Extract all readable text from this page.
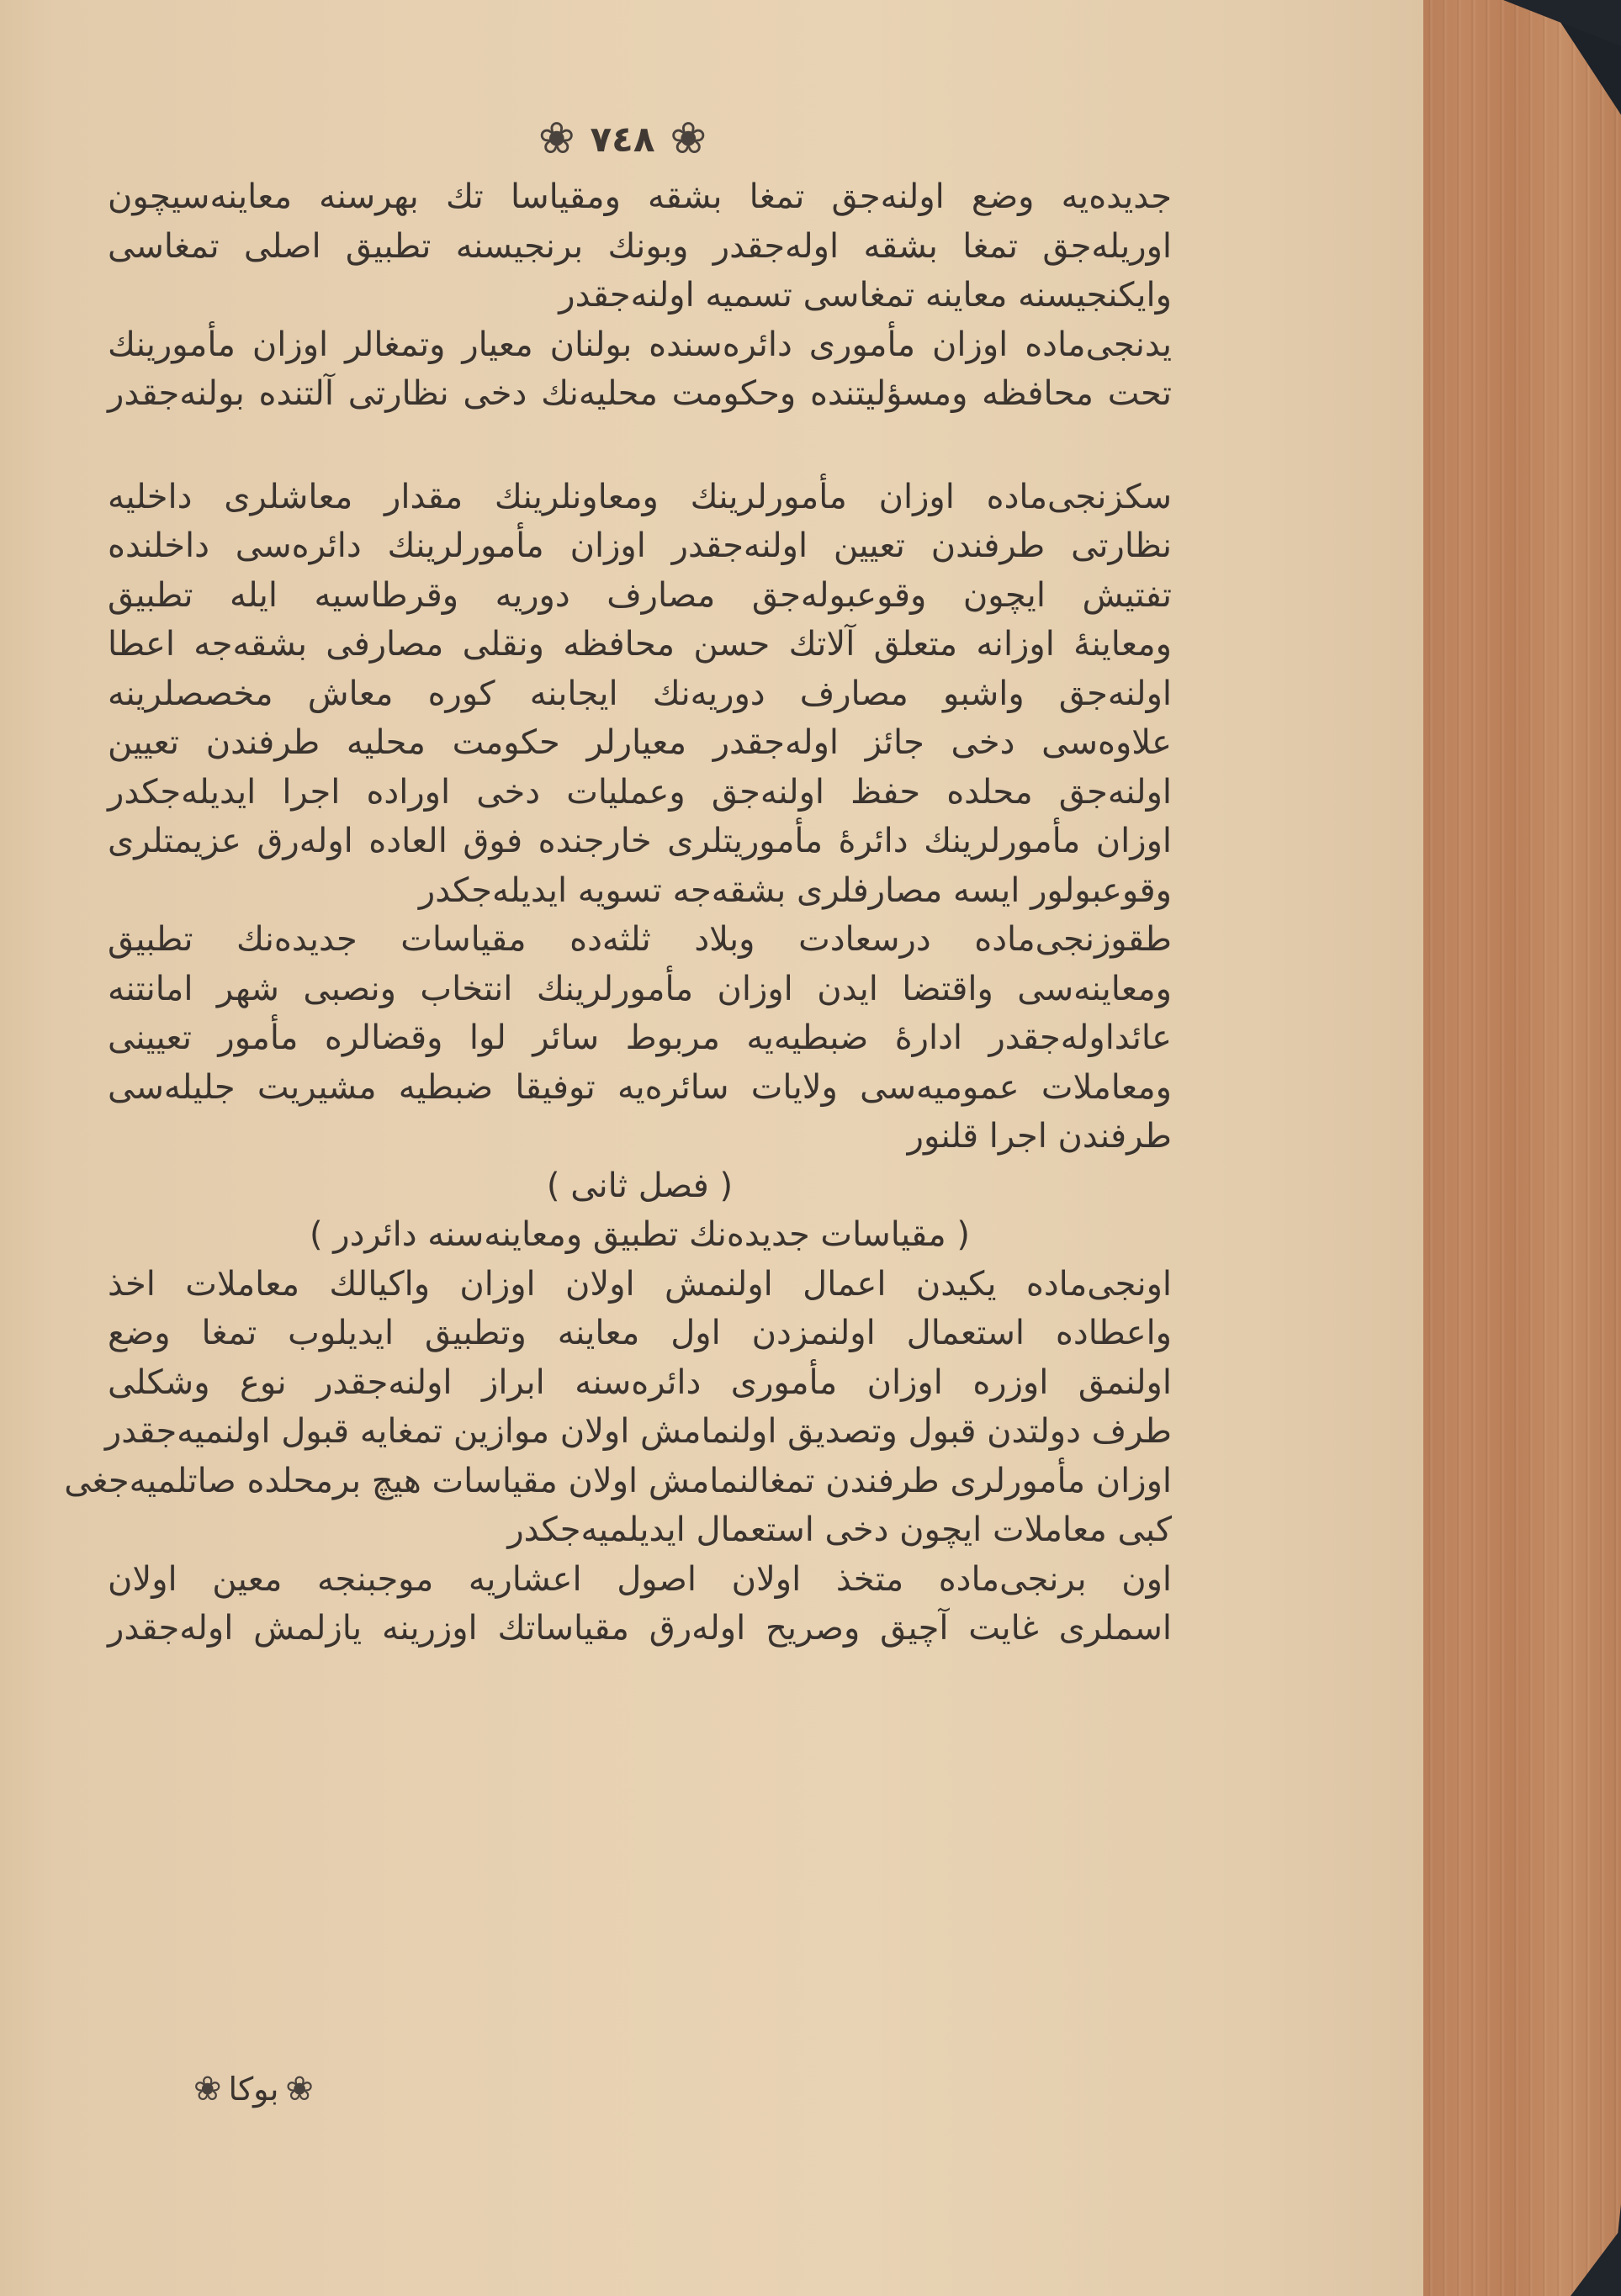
❀ ٧٤٨ ❀
جديده‌يه وضع اولنه‌جق تمغا بشقه ومقياسا تك بهرسنه معاينه‌سيچون
اوريله‌جق تمغا بشقه اوله‌جقدر وبونك برنجيسنه تطبيق اصلى تمغاسى
وايكنجيسنه معاينه تمغاسى تسميه اولنه‌جقدر
يدنجى‌ماده اوزان مأمورى دائره‌سنده بولنان معيار وتمغالر اوزان مأمورينك
تحت محافظه ومسؤليتنده وحكومت محليه‌نك دخى نظارتى آلتنده بولنه‌جقدر
سكزنجى‌ماده اوزان مأمورلرينك ومعاونلرينك مقدار معاشلرى داخليه
نظارتى طرفندن تعيين اولنه‌جقدر اوزان مأمورلرينك دائره‌سى داخلنده
تفتيش ايچون وقوعبوله‌جق مصارف دوريه وقرطاسيه ايله تطبيق
ومعاينهٔ اوزانه متعلق آلاتك حسن محافظه ونقلى مصارفى بشقه‌جه اعطا
اولنه‌جق واشبو مصارف دوريه‌نك ايجابنه كوره معاش مخصصلرينه
علاوه‌سى دخى جائز اوله‌جقدر معيارلر حكومت محليه طرفندن تعيين
اولنه‌جق محلده حفظ اولنه‌جق وعمليات دخى اوراده اجرا ايديله‌جكدر
اوزان مأمورلرينك دائرهٔ مأموريتلرى خارجنده فوق العاده اوله‌رق عزيمتلرى
وقوعبولور ايسه مصارفلرى بشقه‌جه تسويه ايديله‌جكدر
طقوزنجى‌ماده درسعادت وبلاد ثلثه‌ده مقياسات جديده‌نك تطبيق
ومعاينه‌سى واقتضا ايدن اوزان مأمورلرينك انتخاب ونصبى شهر امانتنه
عائداوله‌جقدر ادارهٔ ضبطيه‌يه مربوط سائر لوا وقضالره مأمور تعيينى
ومعاملات عموميه‌سى ولايات سائره‌يه توفيقا ضبطيه مشيريت جليله‌سى
طرفندن اجرا قلنور
( فصل ثانى )
( مقياسات جديده‌نك تطبيق ومعاينه‌سنه دائردر )
اونجى‌ماده يكيدن اعمال اولنمش اولان اوزان واكيالك معاملات اخذ
واعطاده استعمال اولنمزدن اول معاينه وتطبيق ايديلوب تمغا وضع
اولنمق اوزره اوزان مأمورى دائره‌سنه ابراز اولنه‌جقدر نوع وشكلى
طرف دولتدن قبول وتصديق اولنمامش اولان موازين تمغايه قبول اولنميه‌جقدر
اوزان مأمورلرى طرفندن تمغالنمامش اولان مقياسات هيچ برمحلده صاتلميه‌جغى
كبى معاملات ايچون دخى استعمال ايديلميه‌جكدر
اون برنجى‌ماده متخذ اولان اصول اعشاريه موجبنجه معين اولان
اسملرى غايت آچيق وصريح اوله‌رق مقياساتك اوزرينه يازلمش اوله‌جقدر
❀
بوكا
❀
